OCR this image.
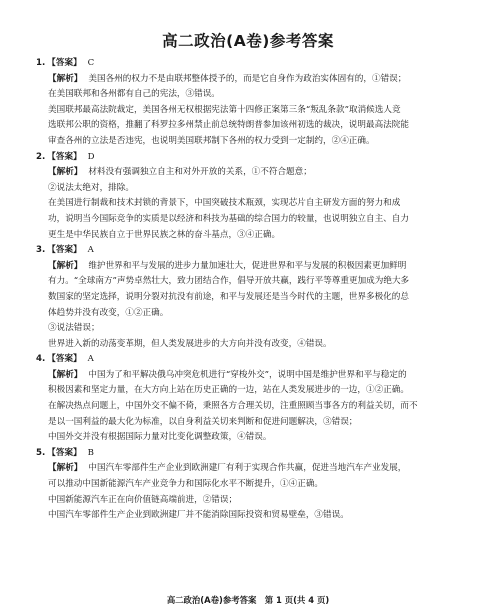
高二政治(A卷)参考答案
1. 【答案】 C
【解析】 美国各州的权力不是由联邦整体授予的，而是它自身作为政治实体固有的，①错误；
在美国联邦和各州都有自己的宪法，③错误。
美国联邦最高法院裁定，美国各州无权根据宪法第十四修正案第三条“叛乱条款”取消候选人竞
选联邦公职的资格，推翻了科罗拉多州禁止前总统特朗普参加该州初选的裁决，说明最高法院能
审查各州的立法是否违宪，也说明美国联邦制下各州的权力受到一定制约，②④正确。
2. 【答案】 D
【解析】 材料没有强调独立自主和对外开放的关系，①不符合题意；
②说法太绝对，排除。
在美国进行制裁和技术封锁的背景下，中国突破技术瓶颈，实现芯片自主研发方面的努力和成
功，说明当今国际竞争的实质是以经济和科技为基础的综合国力的较量，也说明独立自主、自力
更生是中华民族自立于世界民族之林的奋斗基点，③④正确。
3. 【答案】 A
【解析】 维护世界和平与发展的进步力量加速壮大，促进世界和平与发展的积极因素更加鲜明
有力。“全球南方”声势卓然壮大，致力团结合作，倡导开放共赢，践行平等尊重更加成为绝大多
数国家的坚定选择，说明分裂对抗没有前途，和平与发展还是当今时代的主题，世界多极化的总
体趋势并没有改变，①②正确。
③说法错误；
世界进入新的动荡变革期，但人类发展进步的大方向并没有改变，④错误。
4. 【答案】 A
【解析】 中国为了和平解决俄乌冲突危机进行“穿梭外交”，说明中国是维护世界和平与稳定的
积极因素和坚定力量，在大方向上站在历史正确的一边，站在人类发展进步的一边，①②正确。
在解决热点问题上，中国外交不偏不倚，秉照各方合理关切，注重照顾当事各方的利益关切，而不
是以一国利益的最大化为标准，以自身利益关切来判断和促进问题解决，③错误；
中国外交并没有根据国际力量对比变化调整政策，④错误。
5. 【答案】 B
【解析】 中国汽车零部件生产企业到欧洲建厂有利于实现合作共赢，促进当地汽车产业发展，
可以推动中国新能源汽车产业竞争力和国际化水平不断提升，①④正确。
中国新能源汽车正在向价值链高端前进，②错误；
中国汽车零部件生产企业到欧洲建厂并不能消除国际投资和贸易壁垒，③错误。
高二政治(A卷)参考答案　第 1 页(共 4 页)
